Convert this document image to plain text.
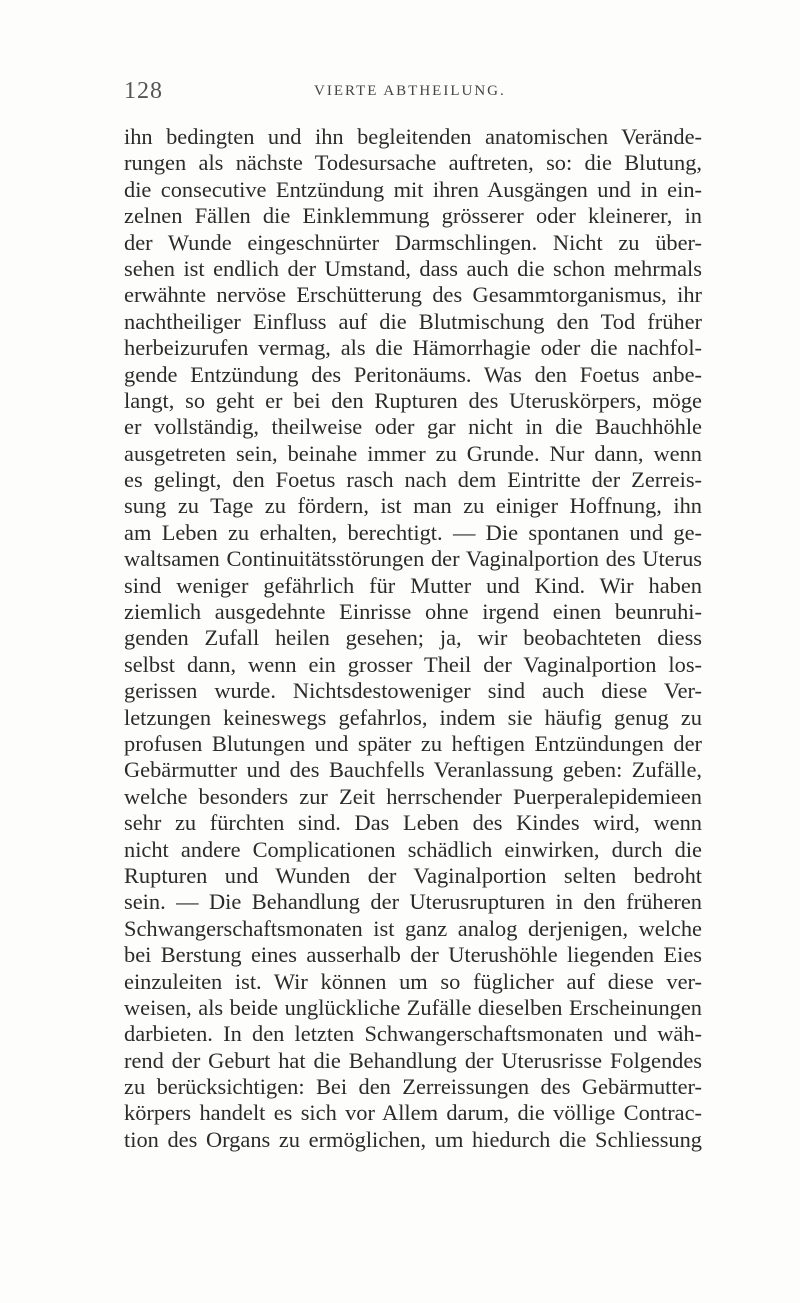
128	VIERTE ABTHEILUNG.
ihn bedingten und ihn begleitenden anatomischen Verände-
rungen als nächste Todesursache auftreten, so: die Blutung,
die consecutive Entzündung mit ihren Ausgängen und in ein-
zelnen Fällen die Einklemmung grösserer oder kleinerer, in
der Wunde eingeschnürter Darmschlingen. Nicht zu über-
sehen ist endlich der Umstand, dass auch die schon mehrmals
erwähnte nervöse Erschütterung des Gesammtorganismus, ihr
nachtheiliger Einfluss auf die Blutmischung den Tod früher
herbeizurufen vermag, als die Hämorrhagie oder die nachfol-
gende Entzündung des Peritonäums. Was den Foetus anbe-
langt, so geht er bei den Rupturen des Uteruskörpers, möge
er vollständig, theilweise oder gar nicht in die Bauchhöhle
ausgetreten sein, beinahe immer zu Grunde. Nur dann, wenn
es gelingt, den Foetus rasch nach dem Eintritte der Zerreis-
sung zu Tage zu fördern, ist man zu einiger Hoffnung, ihn
am Leben zu erhalten, berechtigt. — Die spontanen und ge-
waltsamen Continuitätsstörungen der Vaginalportion des Uterus
sind weniger gefährlich für Mutter und Kind. Wir haben
ziemlich ausgedehnte Einrisse ohne irgend einen beunruhi-
genden Zufall heilen gesehen; ja, wir beobachteten diess
selbst dann, wenn ein grosser Theil der Vaginalportion los-
gerissen wurde. Nichtsdestoweniger sind auch diese Ver-
letzungen keineswegs gefahrlos, indem sie häufig genug zu
profusen Blutungen und später zu heftigen Entzündungen der
Gebärmutter und des Bauchfells Veranlassung geben: Zufälle,
welche besonders zur Zeit herrschender Puerperalepidemieen
sehr zu fürchten sind. Das Leben des Kindes wird, wenn
nicht andere Complicationen schädlich einwirken, durch die
Rupturen und Wunden der Vaginalportion selten bedroht
sein. — Die Behandlung der Uterusrupturen in den früheren
Schwangerschaftsmonaten ist ganz analog derjenigen, welche
bei Berstung eines ausserhalb der Uterushöhle liegenden Eies
einzuleiten ist. Wir können um so füglicher auf diese ver-
weisen, als beide unglückliche Zufälle dieselben Erscheinungen
darbieten. In den letzten Schwangerschaftsmonaten und wäh-
rend der Geburt hat die Behandlung der Uterusrisse Folgendes
zu berücksichtigen: Bei den Zerreissungen des Gebärmutter-
körpers handelt es sich vor Allem darum, die völlige Contrac-
tion des Organs zu ermöglichen, um hiedurch die Schliessung
